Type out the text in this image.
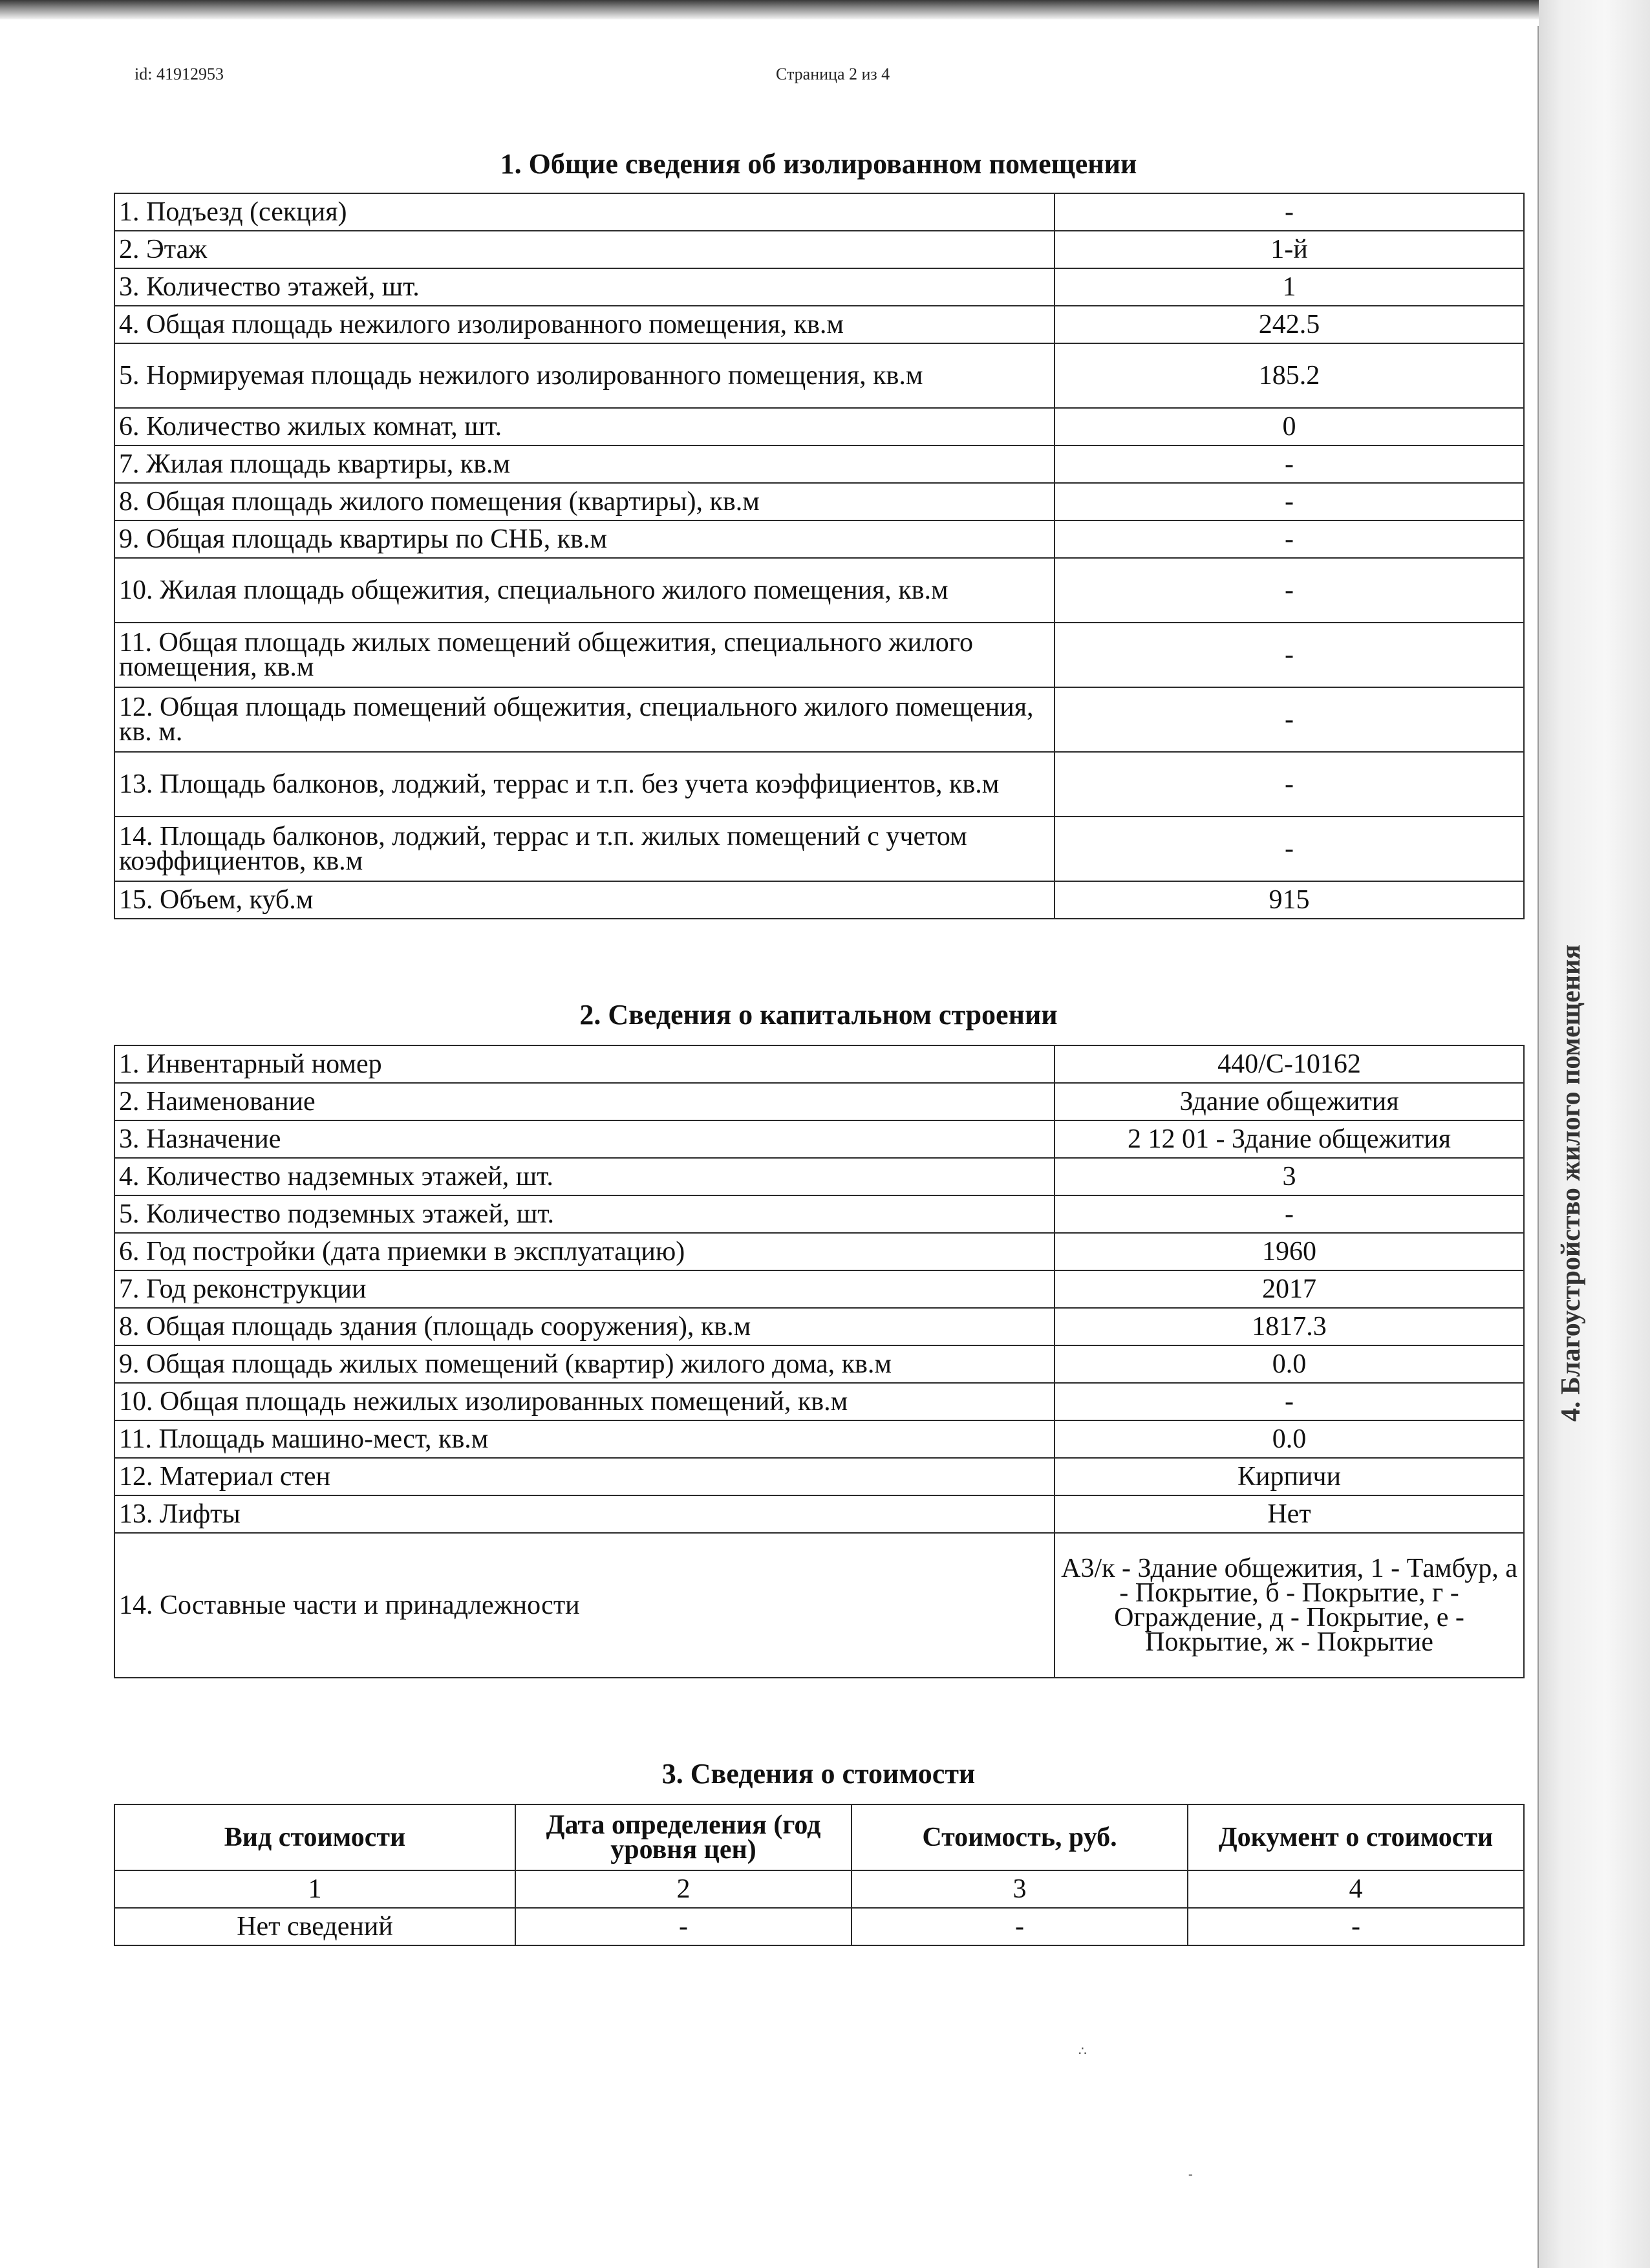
4. Благоустройство жилого помещения
id: 41912953	Страница 2 из 4
1. Общие сведения об изолированном помещении
1. Подъезд (секция)	-
2. Этаж	1-й
3. Количество этажей, шт.	1
4. Общая площадь нежилого изолированного помещения, кв.м	242.5
5. Нормируемая площадь нежилого изолированного помещения, кв.м	185.2
6. Количество жилых комнат, шт.	0
7. Жилая площадь квартиры, кв.м	-
8. Общая площадь жилого помещения (квартиры), кв.м	-
9. Общая площадь квартиры по СНБ, кв.м	-
10. Жилая площадь общежития, специального жилого помещения, кв.м	-
11. Общая площадь жилых помещений общежития, специального жилого помещения, кв.м	-
12. Общая площадь помещений общежития, специального жилого помещения, кв. м.	-
13. Площадь балконов, лоджий, террас и т.п. без учета коэффициентов, кв.м	-
14. Площадь балконов, лоджий, террас и т.п. жилых помещений с учетом коэффициентов, кв.м	-
15. Объем, куб.м	915
2. Сведения о капитальном строении
1. Инвентарный номер	440/С-10162
2. Наименование	Здание общежития
3. Назначение	2 12 01 - Здание общежития
4. Количество надземных этажей, шт.	3
5. Количество подземных этажей, шт.	-
6. Год постройки (дата приемки в эксплуатацию)	1960
7. Год реконструкции	2017
8. Общая площадь здания (площадь сооружения), кв.м	1817.3
9. Общая площадь жилых помещений (квартир) жилого дома, кв.м	0.0
10. Общая площадь нежилых изолированных помещений, кв.м	-
11. Площадь машино-мест, кв.м	0.0
12. Материал стен	Кирпичи
13. Лифты	Нет
14. Составные части и принадлежности	А3/к - Здание общежития, 1 - Тамбур, а - Покрытие, б - Покрытие, г - Ограждение, д - Покрытие, е - Покрытие, ж - Покрытие
3. Сведения о стоимости
Вид стоимости	Дата определения (год уровня цен)	Стоимость, руб.	Документ о стоимости
1	2	3	4
Нет сведений	-	-	-
∴
‐
